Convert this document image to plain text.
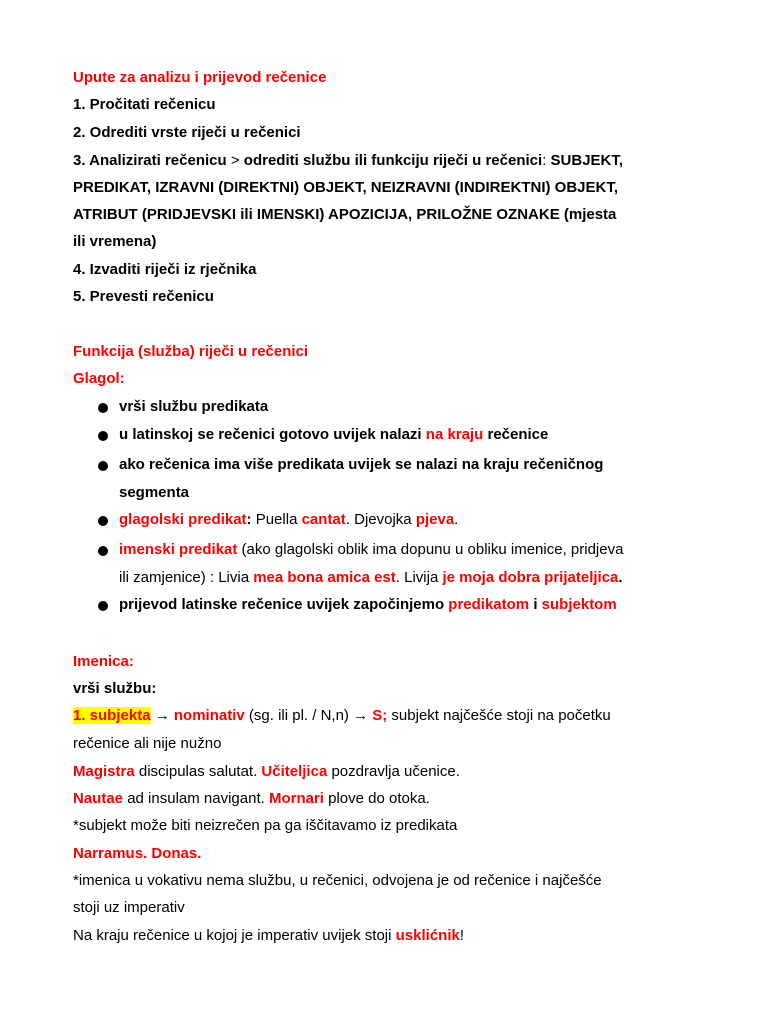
Upute za analizu i prijevod rečenice
1. Pročitati rečenicu
2. Odrediti vrste riječi u rečenici
3. Analizirati rečenicu > odrediti službu ili funkciju riječi u rečenici: SUBJEKT,
PREDIKAT, IZRAVNI (DIREKTNI) OBJEKT, NEIZRAVNI (INDIREKTNI) OBJEKT,
ATRIBUT (PRIDJEVSKI ili IMENSKI) APOZICIJA, PRILOŽNE OZNAKE (mjesta
ili vremena)
4. Izvaditi riječi iz rječnika
5. Prevesti rečenicu
Funkcija (služba) riječi u rečenici
Glagol:
vrši službu predikata
u latinskoj se rečenici gotovo uvijek nalazi na kraju rečenice
ako rečenica ima više predikata uvijek se nalazi na kraju rečeničnog
segmenta
glagolski predikat: Puella cantat. Djevojka pjeva.
imenski predikat (ako glagolski oblik ima dopunu u obliku imenice, pridjeva
ili zamjenice) : Livia mea bona amica est. Livija je moja dobra prijateljica.
prijevod latinske rečenice uvijek započinjemo predikatom i subjektom
Imenica:
vrši službu:
1. subjekta → nominativ (sg. ili pl. / N,n) → S; subjekt najčešće stoji na početku
rečenice ali nije nužno
Magistra discipulas salutat. Učiteljica pozdravlja učenice.
Nautae ad insulam navigant. Mornari plove do otoka.
*subjekt može biti neizrečen pa ga iščitavamo iz predikata
Narramus. Donas.
*imenica u vokativu nema službu, u rečenici, odvojena je od rečenice i najčešće
stoji uz imperativ
Na kraju rečenice u kojoj je imperativ uvijek stoji usklićnik!
